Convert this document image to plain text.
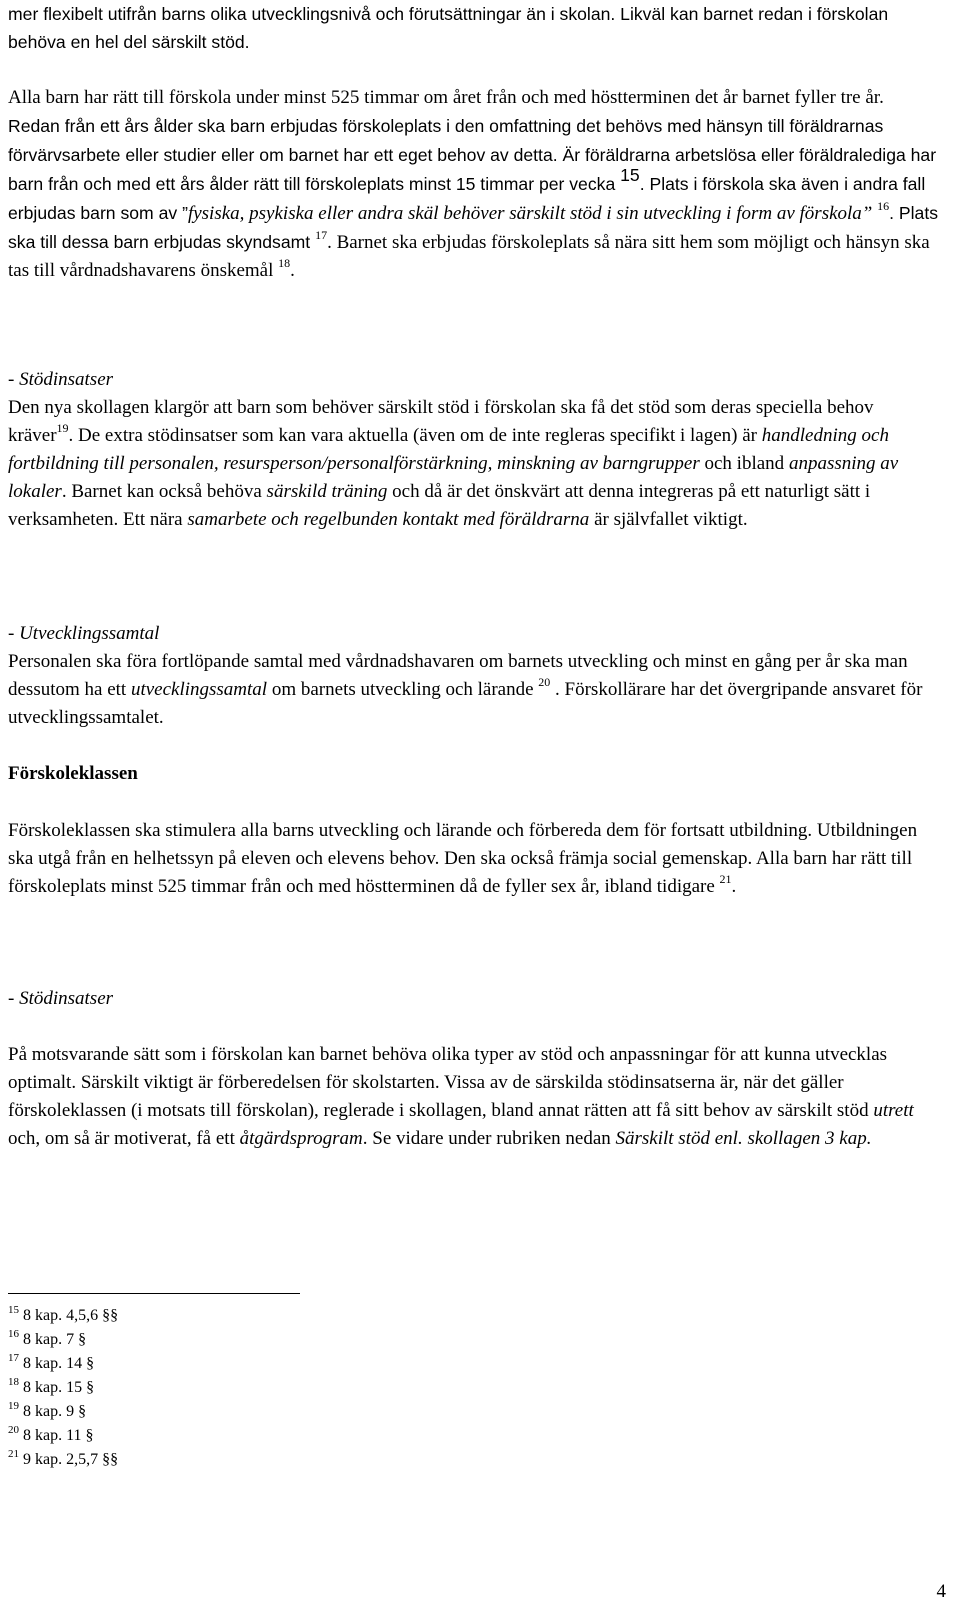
mer flexibelt utifrån barns olika utvecklingsnivå och förutsättningar än i skolan. Likväl kan barnet redan i förskolan behöva en hel del särskilt stöd.

Alla barn har rätt till förskola under minst 525 timmar om året från och med höstterminen det år barnet fyller tre år. Redan från ett års ålder ska barn erbjudas förskoleplats i den omfattning det behövs med hänsyn till föräldrarnas förvärvsarbete eller studier eller om barnet har ett eget behov av detta. Är föräldrarna arbetslösa eller föräldralediga har barn från och med ett års ålder rätt till förskoleplats minst 15 timmar per vecka $^{15}$. Plats i förskola ska även i andra fall erbjudas barn som av ”fysiska, psykiska eller andra skäl behöver särskilt stöd i sin utveckling i form av förskola” $^{16}$. Plats ska till dessa barn erbjudas skyndsamt $^{17}$. Barnet ska erbjudas förskoleplats så nära sitt hem som möjligt och hänsyn ska tas till vårdnadshavarens önskemål $^{18}$.

- Stödinsatser

Den nya skollagen klargör att barn som behöver särskilt stöd i förskolan ska få det stöd som deras speciella behov kräver$^{19}$. De extra stödinsatser som kan vara aktuella (även om de inte regleras specifikt i lagen) är handledning och fortbildning till personalen, resursperson/personalförstärkning, minskning av barngrupper och ibland anpassning av lokaler. Barnet kan också behöva särskild träning och då är det önskvärt att denna integreras på ett naturligt sätt i verksamheten. Ett nära samarbete och regelbunden kontakt med föräldrarna är självfallet viktigt.

- Utvecklingssamtal

Personalen ska föra fortlöpande samtal med vårdnadshavaren om barnets utveckling och minst en gång per år ska man dessutom ha ett utvecklingssamtal om barnets utveckling och lärande $^{20}$ . Förskollärare har det övergripande ansvaret för utvecklingssamtalet.

Förskoleklassen

Förskoleklassen ska stimulera alla barns utveckling och lärande och förbereda dem för fortsatt utbildning. Utbildningen ska utgå från en helhetssyn på eleven och elevens behov. Den ska också främja social gemenskap. Alla barn har rätt till förskoleplats minst 525 timmar från och med höstterminen då de fyller sex år, ibland tidigare $^{21}$.

- Stödinsatser

På motsvarande sätt som i förskolan kan barnet behöva olika typer av stöd och anpassningar för att kunna utvecklas optimalt. Särskilt viktigt är förberedelsen för skolstarten. Vissa av de särskilda stödinsatserna är, när det gäller förskoleklassen (i motsats till förskolan), reglerade i skollagen, bland annat rätten att få sitt behov av särskilt stöd utrett och, om så är motiverat, få ett åtgärdsprogram. Se vidare under rubriken nedan Särskilt stöd enl. skollagen 3 kap.

$^{15}$ 8 kap. 4,5,6 §§
$^{16}$ 8 kap. 7 §
$^{17}$ 8 kap. 14 §
$^{18}$ 8 kap. 15 §
$^{19}$ 8 kap. 9 §
$^{20}$ 8 kap. 11 §
$^{21}$ 9 kap. 2,5,7 §§
4
